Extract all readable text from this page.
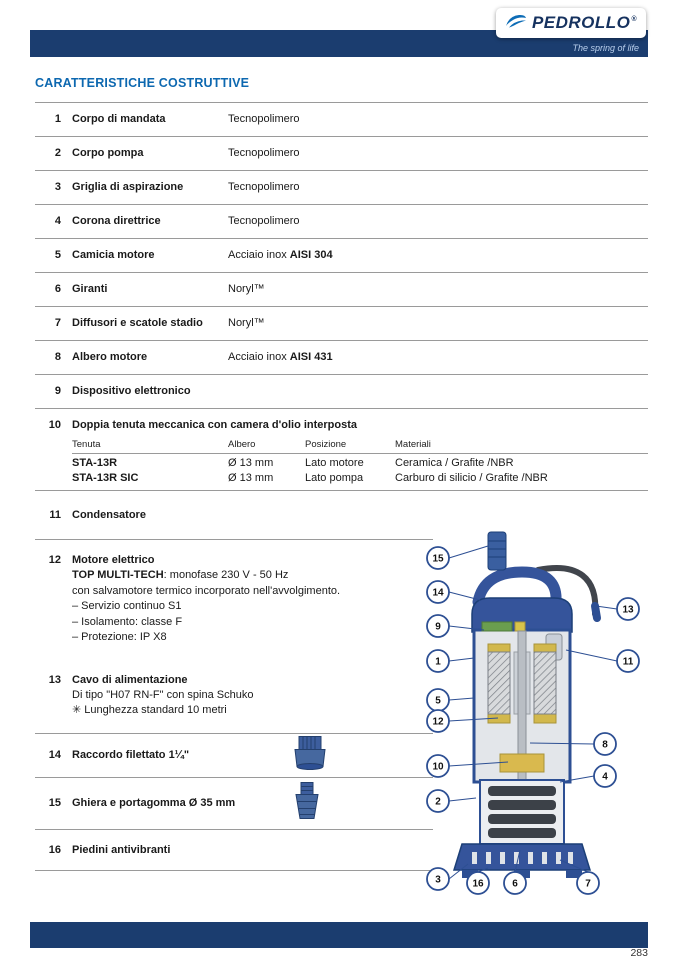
PEDROLLO®
The spring of life
CARATTERISTICHE COSTRUTTIVE
1 Corpo di mandata	Tecnopolimero
2 Corpo pompa	Tecnopolimero
3 Griglia di aspirazione	Tecnopolimero
4 Corona direttrice	Tecnopolimero
5 Camicia motore	Acciaio inox AISI 304
6 Giranti	Noryl™
7 Diffusori e scatole stadio	Noryl™
8 Albero motore	Acciaio inox AISI 431
9 Dispositivo elettronico
10 Doppia tenuta meccanica con camera d'olio interposta
Tenuta	Albero	Posizione	Materiali
STA-13R	Ø 13 mm	Lato motore	Ceramica / Grafite /NBR
STA-13R SIC	Ø 13 mm	Lato pompa	Carburo di silicio / Grafite /NBR
11 Condensatore
12 Motore elettrico
TOP MULTI-TECH: monofase 230 V - 50 Hz
con salvamotore termico incorporato nell'avvolgimento.
– Servizio continuo S1
– Isolamento: classe F
– Protezione: IP X8
13 Cavo di alimentazione
Di tipo "H07 RN-F" con spina Schuko
✳ Lunghezza standard 10 metri
14 Raccordo filettato 1¼"
15 Ghiera e portagomma Ø 35 mm
16 Piedini antivibranti
15
14
13
9
1	11
5
12
8
10
4
2
3	16	6	7
283
